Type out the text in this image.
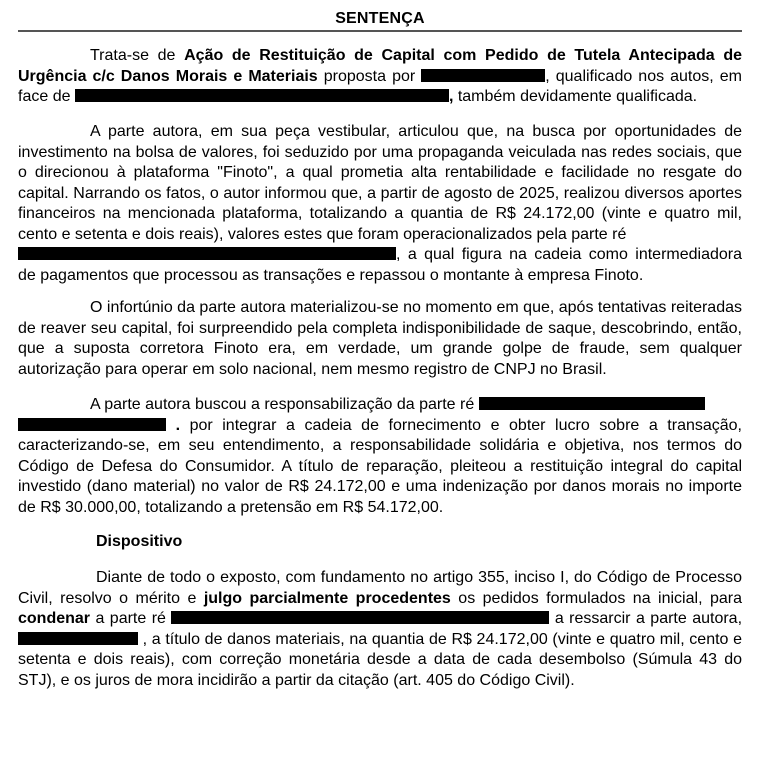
SENTENÇA

Trata-se de Ação de Restituição de Capital com Pedido de Tutela Antecipada de Urgência c/c Danos Morais e Materiais proposta por	, qualificado nos autos, em face de	, também devidamente qualificada.

A parte autora, em sua peça vestibular, articulou que, na busca por oportunidades de investimento na bolsa de valores, foi seduzido por uma propaganda veiculada nas redes sociais, que o direcionou à plataforma "Finoto", a qual prometia alta rentabilidade e facilidade no resgate do capital. Narrando os fatos, o autor informou que, a partir de agosto de 2025, realizou diversos aportes financeiros na mencionada plataforma, totalizando a quantia de R$ 24.172,00 (vinte e quatro mil, cento e setenta e dois reais), valores estes que foram operacionalizados pela parte ré
, a qual figura na cadeia como intermediadora de pagamentos que processou as transações e repassou o montante à empresa Finoto.

O infortúnio da parte autora materializou-se no momento em que, após tentativas reiteradas de reaver seu capital, foi surpreendido pela completa indisponibilidade de saque, descobrindo, então, que a suposta corretora Finoto era, em verdade, um grande golpe de fraude, sem qualquer autorização para operar em solo nacional, nem mesmo registro de CNPJ no Brasil.

A parte autora buscou a responsabilização da parte ré
. por integrar a cadeia de fornecimento e obter lucro sobre a transação, caracterizando-se, em seu entendimento, a responsabilidade solidária e objetiva, nos termos do Código de Defesa do Consumidor. A título de reparação, pleiteou a restituição integral do capital investido (dano material) no valor de R$ 24.172,00 e uma indenização por danos morais no importe de R$ 30.000,00, totalizando a pretensão em R$ 54.172,00.

Dispositivo

Diante de todo o exposto, com fundamento no artigo 355, inciso I, do Código de Processo Civil, resolvo o mérito e julgo parcialmente procedentes os pedidos formulados na inicial, para condenar a parte ré	a ressarcir a parte autora,  , a título de danos materiais, na quantia de R$ 24.172,00 (vinte e quatro mil, cento e setenta e dois reais), com correção monetária desde a data de cada desembolso (Súmula 43 do STJ), e os juros de mora incidirão a partir da citação (art. 405 do Código Civil).
